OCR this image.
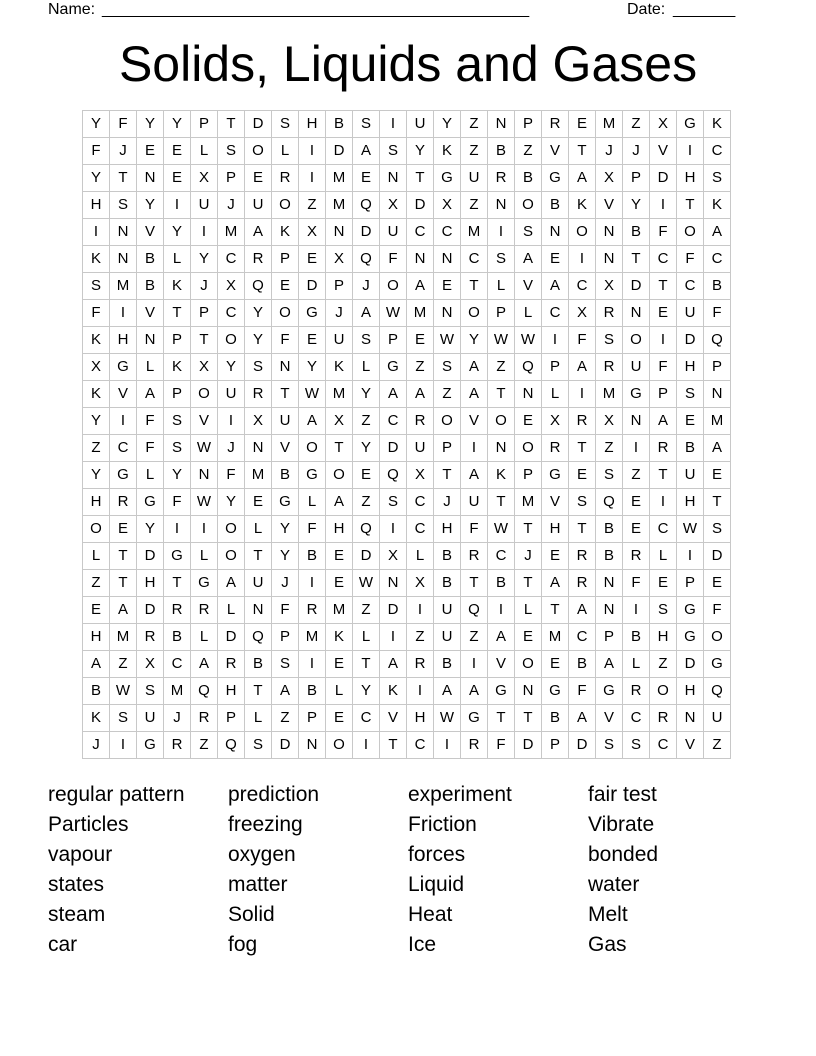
Name: ________________________________________________	Date: _______
Solids, Liquids and Gases
Y	F	Y	Y	P	T	D	S	H	B	S	I	U	Y	Z	N	P	R	E	M	Z	X	G	K
F	J	E	E	L	S	O	L	I	D	A	S	Y	K	Z	B	Z	V	T	J	J	V	I	C
Y	T	N	E	X	P	E	R	I	M	E	N	T	G	U	R	B	G	A	X	P	D	H	S
H	S	Y	I	U	J	U	O	Z	M	Q	X	D	X	Z	N	O	B	K	V	Y	I	T	K
I	N	V	Y	I	M	A	K	X	N	D	U	C	C	M	I	S	N	O	N	B	F	O	A
K	N	B	L	Y	C	R	P	E	X	Q	F	N	N	C	S	A	E	I	N	T	C	F	C
S	M	B	K	J	X	Q	E	D	P	J	O	A	E	T	L	V	A	C	X	D	T	C	B
F	I	V	T	P	C	Y	O	G	J	A	W	M	N	O	P	L	C	X	R	N	E	U	F
K	H	N	P	T	O	Y	F	E	U	S	P	E	W	Y	W	W	I	F	S	O	I	D	Q
X	G	L	K	X	Y	S	N	Y	K	L	G	Z	S	A	Z	Q	P	A	R	U	F	H	P
K	V	A	P	O	U	R	T	W	M	Y	A	A	Z	A	T	N	L	I	M	G	P	S	N
Y	I	F	S	V	I	X	U	A	X	Z	C	R	O	V	O	E	X	R	X	N	A	E	M
Z	C	F	S	W	J	N	V	O	T	Y	D	U	P	I	N	O	R	T	Z	I	R	B	A
Y	G	L	Y	N	F	M	B	G	O	E	Q	X	T	A	K	P	G	E	S	Z	T	U	E
H	R	G	F	W	Y	E	G	L	A	Z	S	C	J	U	T	M	V	S	Q	E	I	H	T
O	E	Y	I	I	O	L	Y	F	H	Q	I	C	H	F	W	T	H	T	B	E	C	W	S
L	T	D	G	L	O	T	Y	B	E	D	X	L	B	R	C	J	E	R	B	R	L	I	D
Z	T	H	T	G	A	U	J	I	E	W	N	X	B	T	B	T	A	R	N	F	E	P	E
E	A	D	R	R	L	N	F	R	M	Z	D	I	U	Q	I	L	T	A	N	I	S	G	F
H	M	R	B	L	D	Q	P	M	K	L	I	Z	U	Z	A	E	M	C	P	B	H	G	O
A	Z	X	C	A	R	B	S	I	E	T	A	R	B	I	V	O	E	B	A	L	Z	D	G
B	W	S	M	Q	H	T	A	B	L	Y	K	I	A	A	G	N	G	F	G	R	O	H	Q
K	S	U	J	R	P	L	Z	P	E	C	V	H	W	G	T	T	B	A	V	C	R	N	U
J	I	G	R	Z	Q	S	D	N	O	I	T	C	I	R	F	D	P	D	S	S	C	V	Z
regular pattern	prediction	experiment	fair test
Particles	freezing	Friction	Vibrate
vapour	oxygen	forces	bonded
states	matter	Liquid	water
steam	Solid	Heat	Melt
car	fog	Ice	Gas
